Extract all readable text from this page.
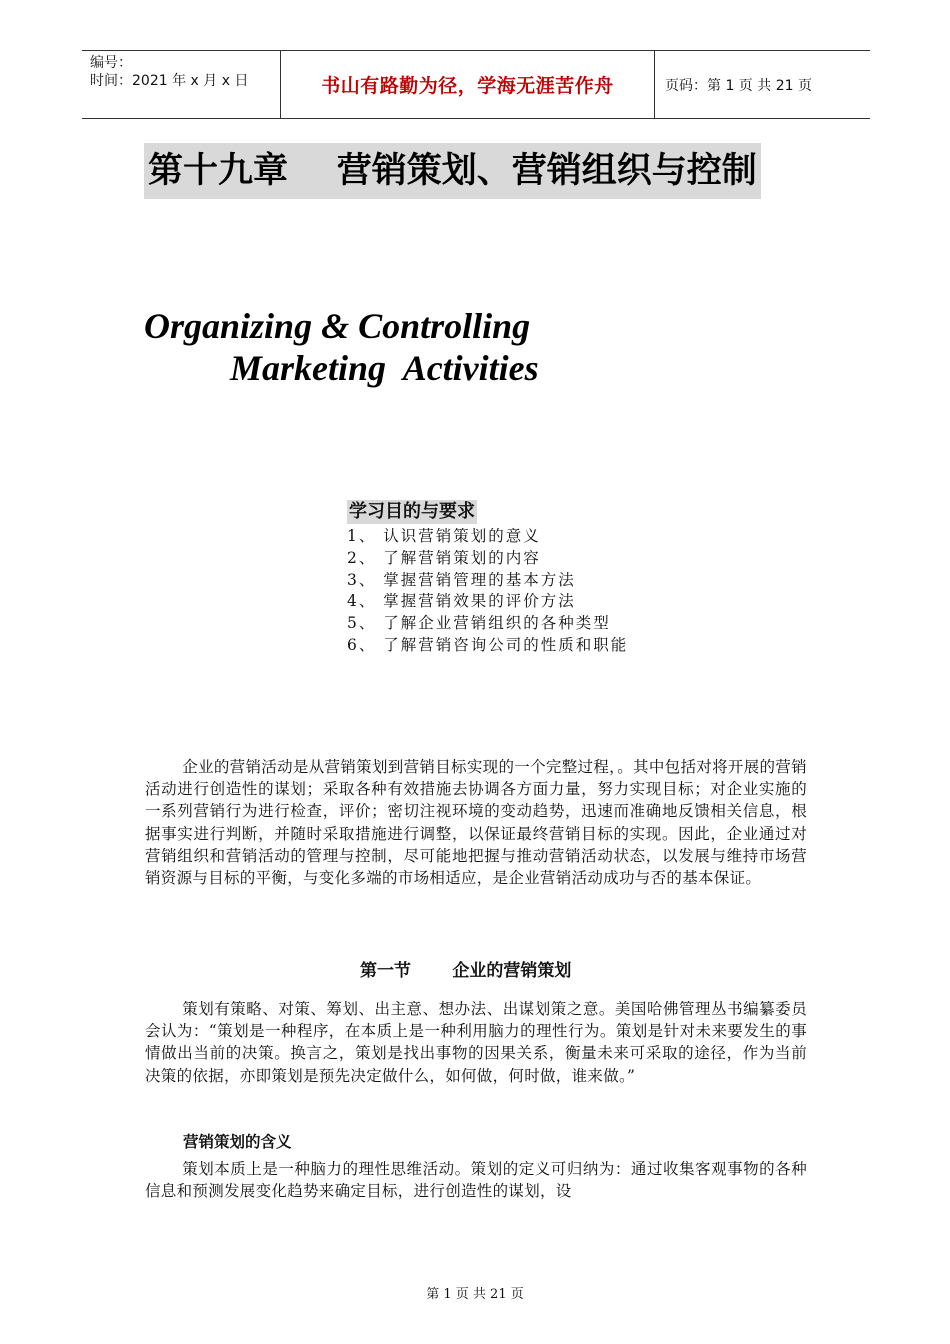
编号：
时间：2021 年 x 月 x 日	书山有路勤为径，学海无涯苦作舟	页码：第 1 页 共 21 页
第十九章    营销策划、营销组织与控制
Organizing & Controlling
Marketing  Activities
学习目的与要求
1、 认识营销策划的意义
2、 了解营销策划的内容
3、 掌握营销管理的基本方法
4、 掌握营销效果的评价方法
5、 了解企业营销组织的各种类型
6、 了解营销咨询公司的性质和职能

企业的营销活动是从营销策划到营销目标实现的一个完整过程，。其中包括对将开展的营销活动进行创造性的谋划；采取各种有效措施去协调各方面力量，努力实现目标；对企业实施的一系列营销行为进行检查，评价；密切注视环境的变动趋势，迅速而准确地反馈相关信息，根据事实进行判断，并随时采取措施进行调整，以保证最终营销目标的实现。因此，企业通过对营销组织和营销活动的管理与控制，尽可能地把握与推动营销活动状态，以发展与维持市场营销资源与目标的平衡，与变化多端的市场相适应，是企业营销活动成功与否的基本保证。

第一节       企业的营销策划

策划有策略、对策、筹划、出主意、想办法、出谋划策之意。美国哈佛管理丛书编纂委员会认为：“策划是一种程序，在本质上是一种利用脑力的理性行为。策划是针对未来要发生的事情做出当前的决策。换言之，策划是找出事物的因果关系，衡量未来可采取的途径，作为当前决策的依据，亦即策划是预先决定做什么，如何做，何时做，谁来做。”

营销策划的含义

策划本质上是一种脑力的理性思维活动。策划的定义可归纳为：通过收集客观事物的各种信息和预测发展变化趋势来确定目标，进行创造性的谋划，设

第 1 页 共 21 页
